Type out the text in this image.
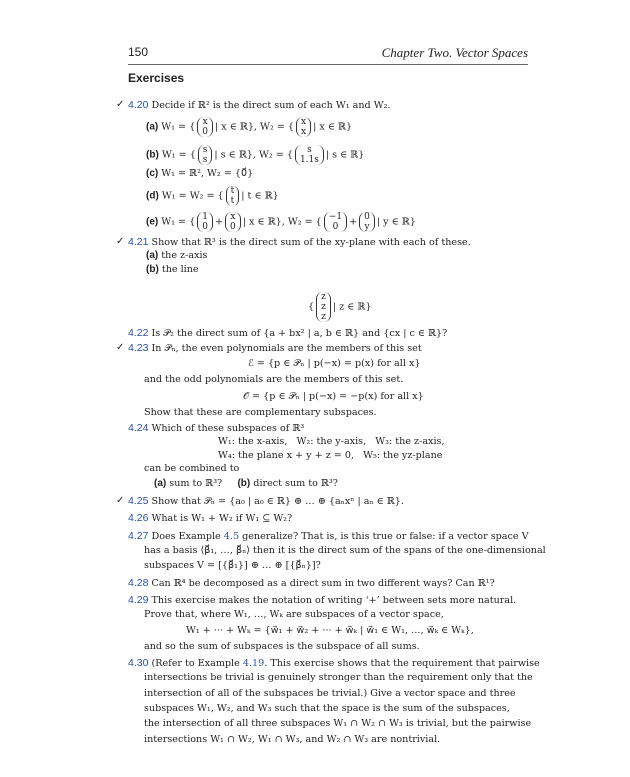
150	Chapter Two. Vector Spaces
Exercises
✓ 4.20 Decide if ℝ² is the direct sum of each W₁ and W₂.
(a) W₁ = { x
0 | x ∈ ℝ}, W₂ = { x
x | x ∈ ℝ}
(b) W₁ = { s
s | s ∈ ℝ}, W₂ = { s
1.1s | s ∈ ℝ}
(c) W₁ = ℝ², W₂ = {0⃗}
(d) W₁ = W₂ = { t
t | t ∈ ℝ}
(e) W₁ = { 1
0 + x
0 | x ∈ ℝ}, W₂ = { −1
0 + 0
y | y ∈ ℝ}
✓ 4.21 Show that ℝ³ is the direct sum of the xy-plane with each of these.
(a) the z-axis
(b) the line
{z
z
z| z ∈ ℝ}
4.22 Is 𝒫₂ the direct sum of {a + bx² | a, b ∈ ℝ} and {cx | c ∈ ℝ}?
✓ 4.23 In 𝒫ₙ, the even polynomials are the members of this set
ℰ = {p ∈ 𝒫ₙ | p(−x) = p(x) for all x}
and the odd polynomials are the members of this set.
𝒪 = {p ∈ 𝒫ₙ | p(−x) = −p(x) for all x}
Show that these are complementary subspaces.
4.24 Which of these subspaces of ℝ³
W₁: the x-axis,   W₂: the y-axis,   W₃: the z-axis,
W₄: the plane x + y + z = 0,   W₅: the yz-plane
can be combined to
(a) sum to ℝ³? (b) direct sum to ℝ³?
✓ 4.25 Show that 𝒫ₙ = {a₀ | a₀ ∈ ℝ} ⊕ … ⊕ {aₙxⁿ | aₙ ∈ ℝ}.
4.26 What is W₁ + W₂ if W₁ ⊆ W₂?
4.27 Does Example 4.5 generalize? That is, is this true or false: if a vector space V
has a basis ⟨β⃗₁, …, β⃗ₙ⟩ then it is the direct sum of the spans of the one-dimensional
subspaces V = [{β⃗₁}] ⊕ … ⊕ [{β⃗ₙ}]?
4.28 Can ℝ⁴ be decomposed as a direct sum in two different ways? Can ℝ¹?
4.29 This exercise makes the notation of writing ‘+’ between sets more natural.
Prove that, where W₁, …, Wₖ are subspaces of a vector space,
W₁ + ··· + Wₖ = {w⃗₁ + w⃗₂ + ··· + w⃗ₖ | w⃗₁ ∈ W₁, …, w⃗ₖ ∈ Wₖ},
and so the sum of subspaces is the subspace of all sums.
4.30 (Refer to Example 4.19. This exercise shows that the requirement that pairwise
intersections be trivial is genuinely stronger than the requirement only that the
intersection of all of the subspaces be trivial.) Give a vector space and three
subspaces W₁, W₂, and W₃ such that the space is the sum of the subspaces,
the intersection of all three subspaces W₁ ∩ W₂ ∩ W₃ is trivial, but the pairwise
intersections W₁ ∩ W₂, W₁ ∩ W₃, and W₂ ∩ W₃ are nontrivial.
